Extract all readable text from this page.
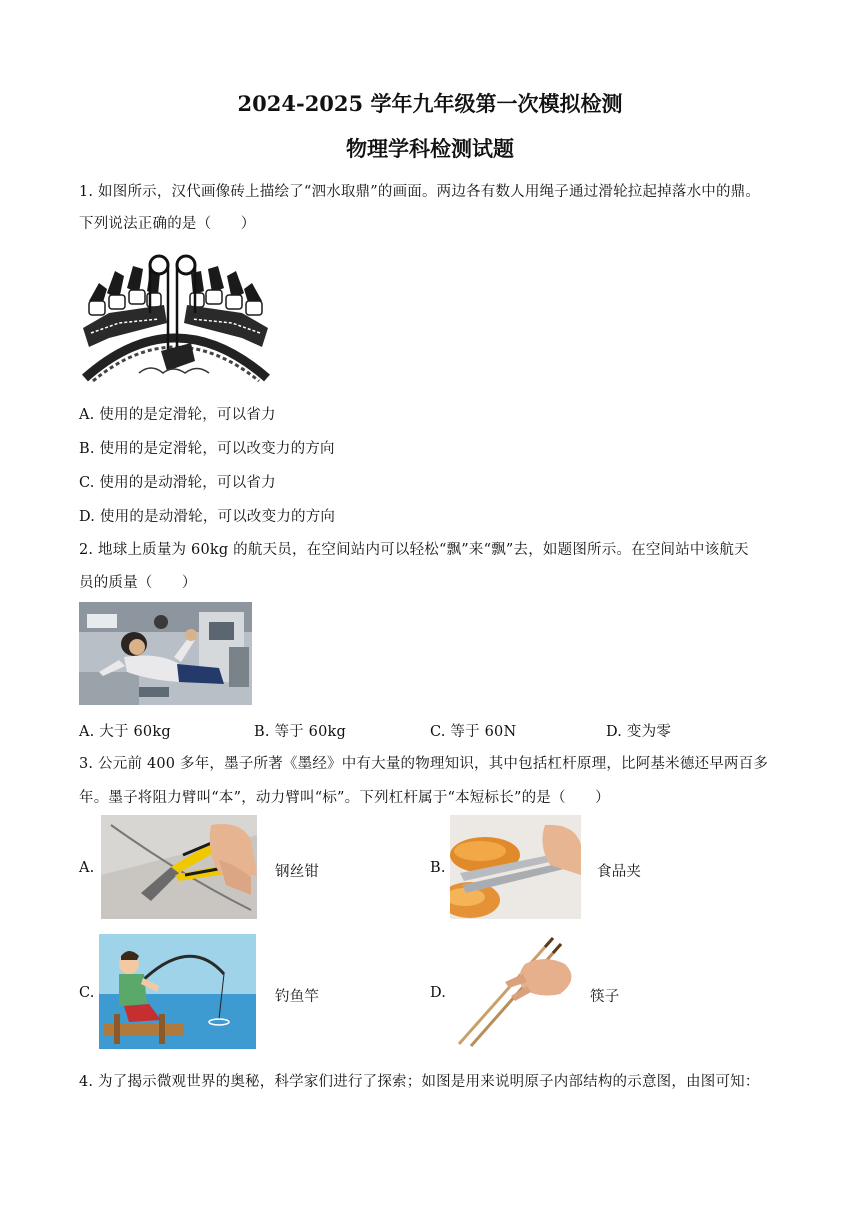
2024-2025 学年九年级第一次模拟检测
物理学科检测试题
1. 如图所示，汉代画像砖上描绘了“泗水取鼎”的画面。两边各有数人用绳子通过滑轮拉起掉落水中的鼎。
下列说法正确的是（　　）
A. 使用的是定滑轮，可以省力
B. 使用的是定滑轮，可以改变力的方向
C. 使用的是动滑轮，可以省力
D. 使用的是动滑轮，可以改变力的方向
2. 地球上质量为 60kg 的航天员，在空间站内可以轻松“飘”来“飘”去，如题图所示。在空间站中该航天
员的质量（　　）
A. 大于 60kg	B. 等于 60kg	C. 等于 60N	D. 变为零
3. 公元前 400 多年，墨子所著《墨经》中有大量的物理知识，其中包括杠杆原理，比阿基米德还早两百多
年。墨子将阻力臂叫“本”，动力臂叫“标”。下列杠杆属于“本短标长”的是（　　）
A.	钢丝钳	B.	食品夹
C.	钓鱼竿	D.	筷子
4. 为了揭示微观世界的奥秘，科学家们进行了探索；如图是用来说明原子内部结构的示意图，由图可知：
